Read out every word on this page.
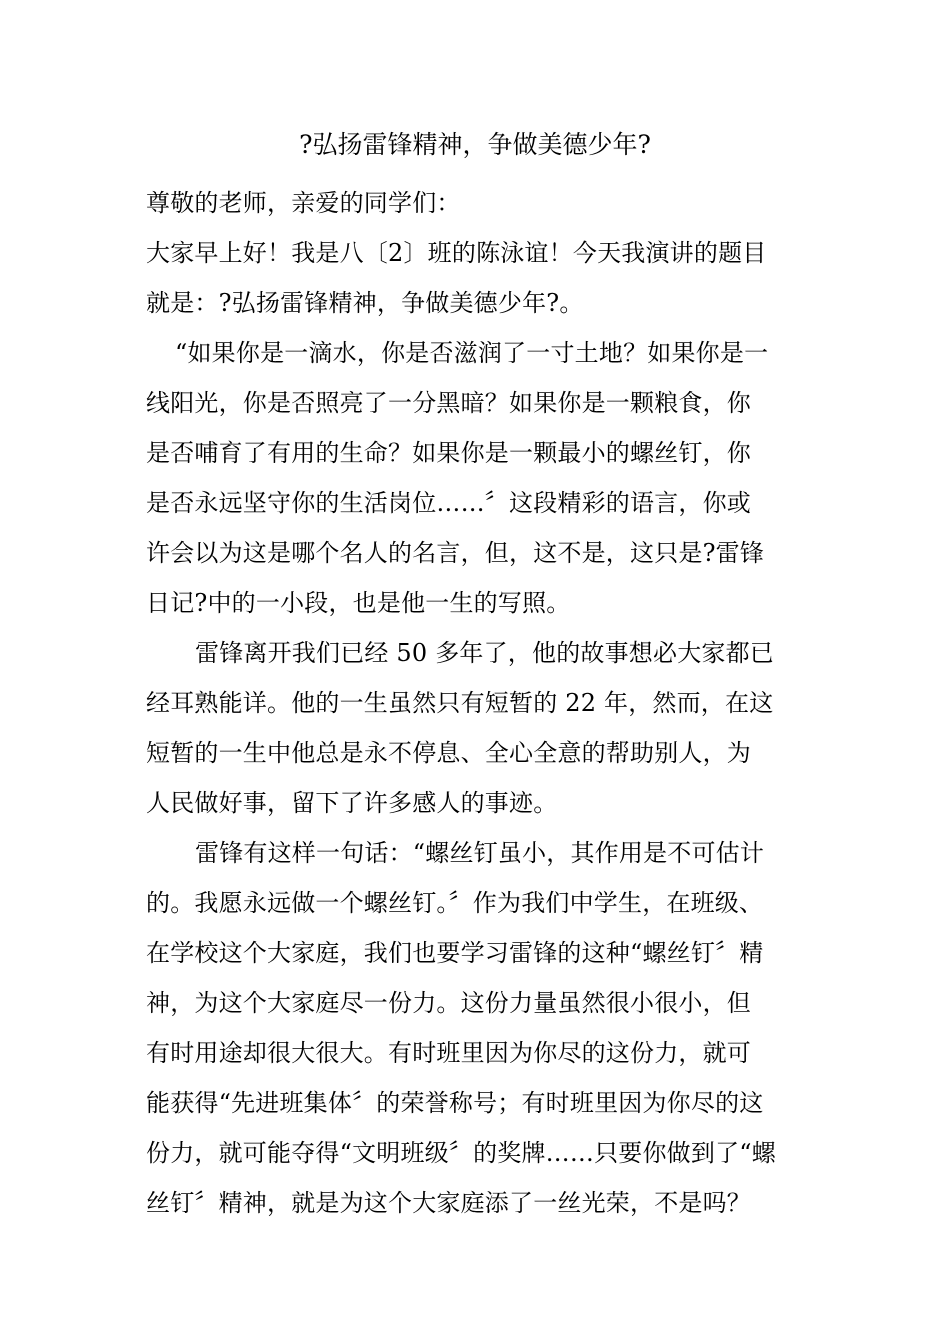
?弘扬雷锋精神，争做美德少年?
尊敬的老师，亲爱的同学们：
大家早上好！我是八〔2〕班的陈泳谊！今天我演讲的题目
就是：?弘扬雷锋精神，争做美德少年?。
“如果你是一滴水，你是否滋润了一寸土地？如果你是一
线阳光，你是否照亮了一分黑暗？如果你是一颗粮食，你
是否哺育了有用的生命？如果你是一颗最小的螺丝钉，你
是否永远坚守你的生活岗位……〞这段精彩的语言，你或
许会以为这是哪个名人的名言，但，这不是，这只是?雷锋
日记?中的一小段，也是他一生的写照。
雷锋离开我们已经 50 多年了，他的故事想必大家都已
经耳熟能详。他的一生虽然只有短暂的 22 年，然而，在这
短暂的一生中他总是永不停息、全心全意的帮助别人，为
人民做好事，留下了许多感人的事迹。
雷锋有这样一句话：“螺丝钉虽小，其作用是不可估计
的。我愿永远做一个螺丝钉。〞作为我们中学生，在班级、
在学校这个大家庭，我们也要学习雷锋的这种“螺丝钉〞精
神，为这个大家庭尽一份力。这份力量虽然很小很小，但
有时用途却很大很大。有时班里因为你尽的这份力，就可
能获得“先进班集体〞的荣誉称号；有时班里因为你尽的这
份力，就可能夺得“文明班级〞的奖牌……只要你做到了“螺
丝钉〞精神，就是为这个大家庭添了一丝光荣，不是吗？
